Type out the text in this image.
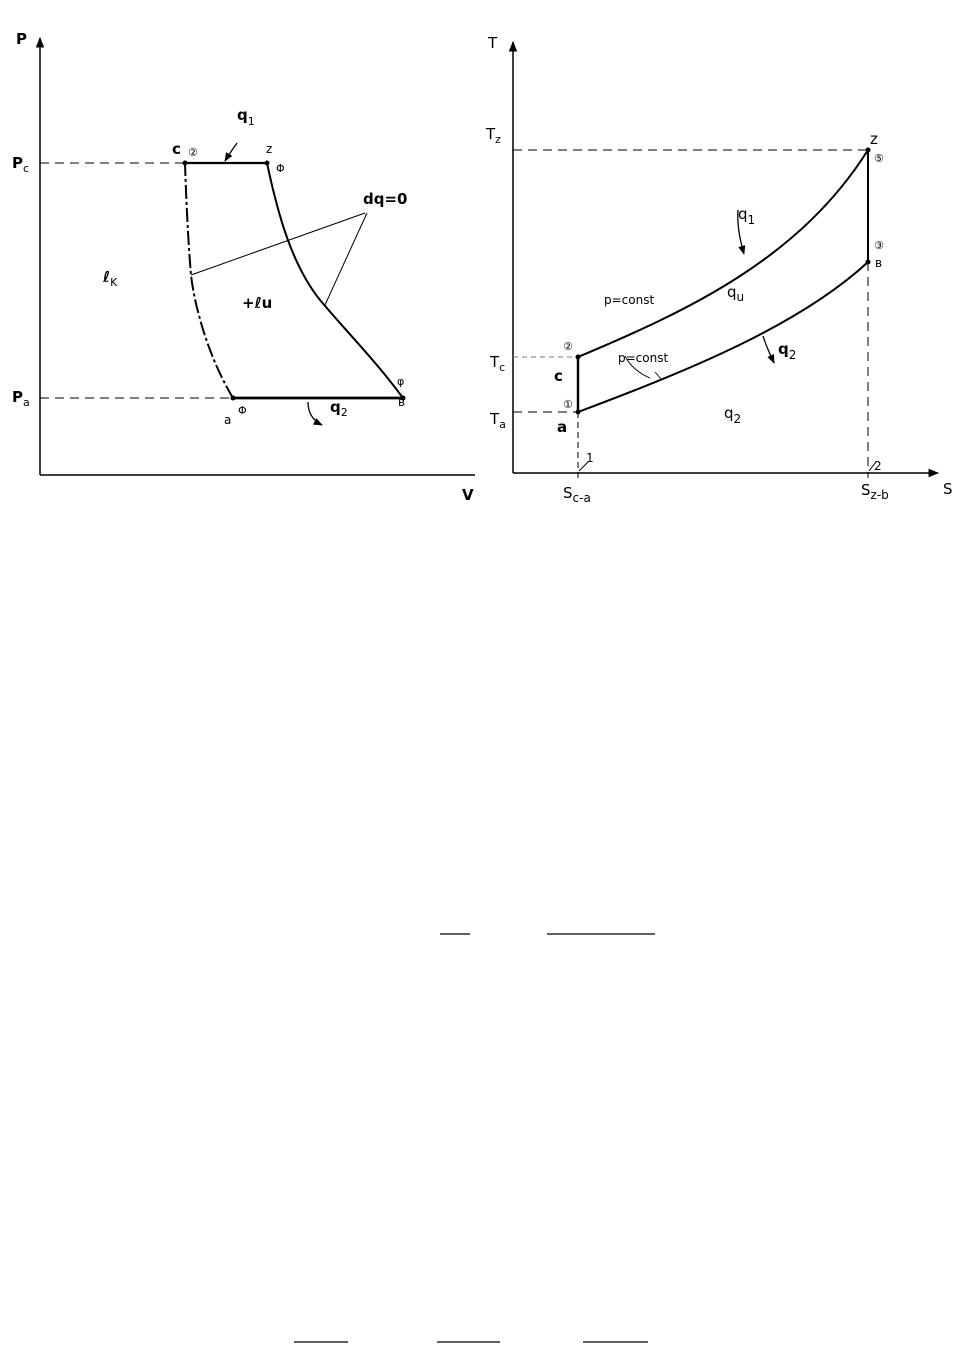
P
V
$P_c$
$P_a$
c ②	z
Φ
a
Φ
в
φ
$q_1$
$q_2$
dq=0
ℓ$_K$
+ℓu
T
S
$T_z$
$T_c$
$T_a$
$S_{c-a}$	$S_{z-b}$
1
2
z
⑤
③
в
②
c
①
a
$q_1$
$q_u$
$q_2$
$q_2$
p=const
p=const
